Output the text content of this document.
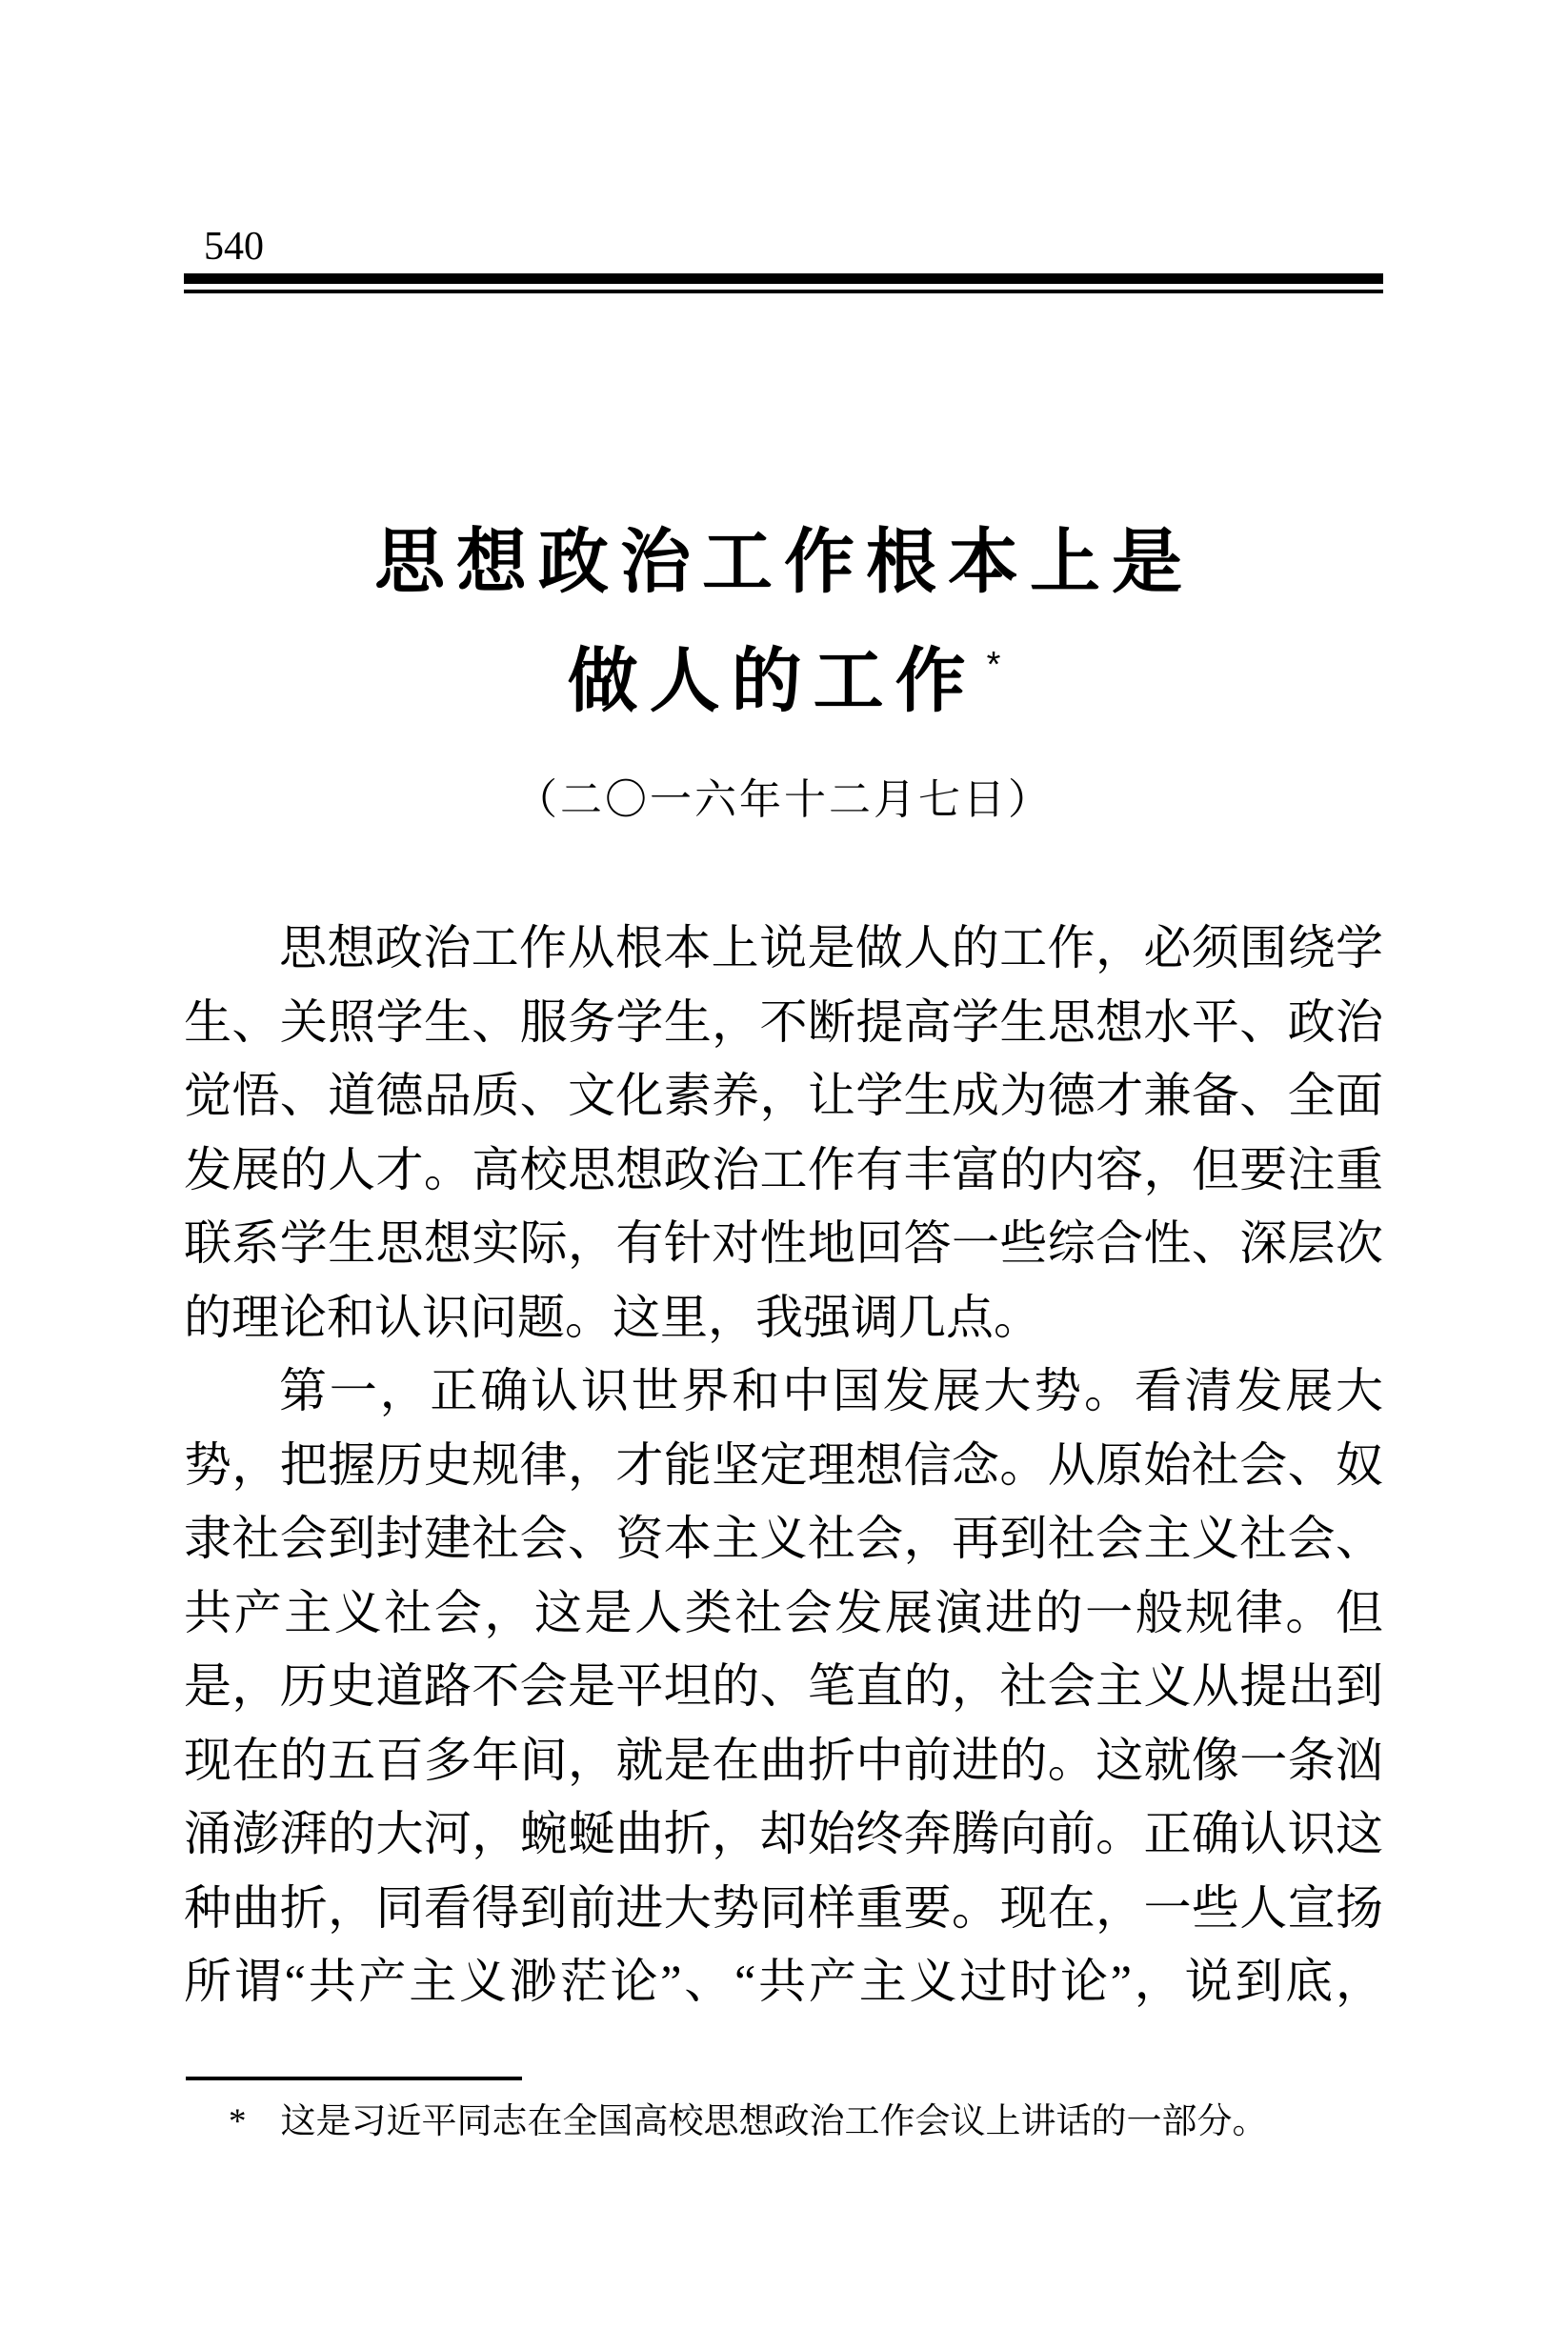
540
思想政治工作根本上是
做人的工作 *
（二〇一六年十二月七日）
思想政治工作从根本上说是做人的工作，必须围绕学
生、关照学生、服务学生，不断提高学生思想水平、政治
觉悟、道德品质、文化素养，让学生成为德才兼备、全面
发展的人才。高校思想政治工作有丰富的内容，但要注重
联系学生思想实际，有针对性地回答一些综合性、深层次
的理论和认识问题。这里，我强调几点。
第一，正确认识世界和中国发展大势。看清发展大
势，把握历史规律，才能坚定理想信念。从原始社会、奴
隶社会到封建社会、资本主义社会，再到社会主义社会、
共产主义社会，这是人类社会发展演进的一般规律。但
是，历史道路不会是平坦的、笔直的，社会主义从提出到
现在的五百多年间，就是在曲折中前进的。这就像一条汹
涌澎湃的大河，蜿蜒曲折，却始终奔腾向前。正确认识这
种曲折，同看得到前进大势同样重要。现在，一些人宣扬
所谓“共产主义渺茫论”、“共产主义过时论”，说到底，
* 这是习近平同志在全国高校思想政治工作会议上讲话的一部分。
